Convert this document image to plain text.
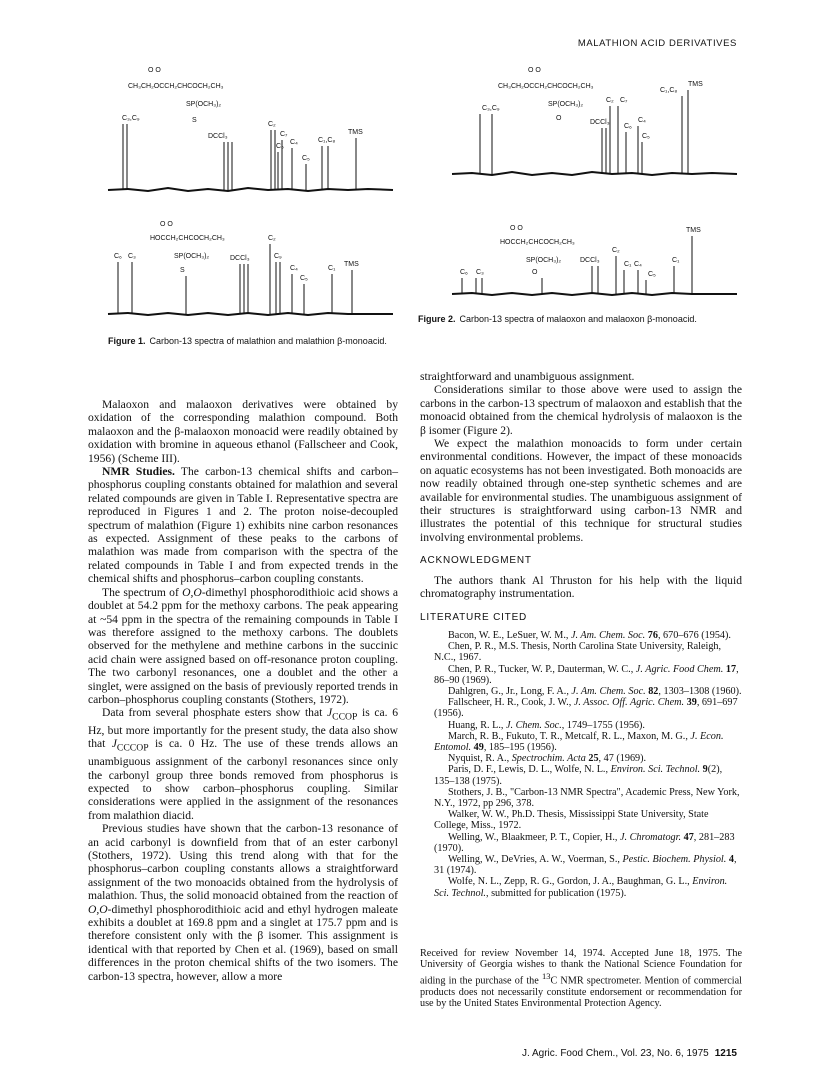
MALATHION ACID DERIVATIVES
O O
CH₃CH₂OCCH₂CHCOCH₂CH₃
SP(OCH₃)₂
S
C₃,C₉
DCCl₃
C₂
C₇
C₆
C₄	C₁,C₈
TMS
C₅
O O
HOCCH₂CHCOCH₂CH₃
SP(OCH₃)₂
S
C₆ C₃	DCCl₃
C₂
C₉
C₄	C₁
TMS
C₅
Figure 1. Carbon-13 spectra of malathion and malathion β-monoacid.
O O
CH₃CH₂OCCH₂CHCOCH₂CH₃
SP(OCH₃)₂
O
C₃,C₉
C₂ C₇
DCCl₃
C₆
C₄
C₅
C₁,C₈
TMS
O O
HOCCH₂CHCOCH₂CH₃
SP(OCH₃)₂
O
C₆ C₃
DCCl₃
C₂
C₁ C₄
C₅
C₁
TMS
Figure 2. Carbon-13 spectra of malaoxon and malaoxon β-monoacid.

Malaoxon and malaoxon derivatives were obtained by oxidation of the corresponding malathion compound. Both malaoxon and the β-malaoxon monoacid were readily obtained by oxidation with bromine in aqueous ethanol (Fallscheer and Cook, 1956) (Scheme III).

NMR Studies. The carbon-13 chemical shifts and carbon–phosphorus coupling constants obtained for malathion and several related compounds are given in Table I. Representative spectra are reproduced in Figures 1 and 2. The proton noise-decoupled spectrum of malathion (Figure 1) exhibits nine carbon resonances as expected. Assignment of these peaks to the carbons of malathion was made from comparison with the spectra of the related compounds in Table I and from expected trends in the chemical shifts and phosphorus–carbon coupling constants.

The spectrum of O,O-dimethyl phosphorodithioic acid shows a doublet at 54.2 ppm for the methoxy carbons. The peak appearing at ~54 ppm in the spectra of the remaining compounds in Table I was therefore assigned to the methoxy carbons. The doublets observed for the methylene and methine carbons in the succinic acid chain were assigned based on off-resonance proton coupling. The two carbonyl resonances, one a doublet and the other a singlet, were assigned on the basis of previously reported trends in carbon–phosphorus coupling constants (Stothers, 1972).

Data from several phosphate esters show that $J_{CCOP}$ is ca. 6 Hz, but more importantly for the present study, the data also show that $J_{CCCOP}$ is ca. 0 Hz. The use of these trends allows an unambiguous assignment of the carbonyl resonances since only the carbonyl group three bonds removed from phosphorus is expected to show carbon–phosphorus coupling. Similar considerations were applied in the assignment of the resonances from malathion diacid.

Previous studies have shown that the carbon-13 resonance of an acid carbonyl is downfield from that of an ester carbonyl (Stothers, 1972). Using this trend along with that for the phosphorus–carbon coupling constants allows a straightforward assignment of the two monoacids obtained from the hydrolysis of malathion. Thus, the solid monoacid obtained from the reaction of O,O-dimethyl phosphorodithioic acid and ethyl hydrogen maleate exhibits a doublet at 169.8 ppm and a singlet at 175.7 ppm and is therefore consistent only with the β isomer. This assignment is identical with that reported by Chen et al. (1969), based on small differences in the proton chemical shifts of the two isomers. The carbon-13 spectra, however, allow a more

straightforward and unambiguous assignment.

Considerations similar to those above were used to assign the carbons in the carbon-13 spectrum of malaoxon and establish that the monoacid obtained from the chemical hydrolysis of malaoxon is the β isomer (Figure 2).

We expect the malathion monoacids to form under certain environmental conditions. However, the impact of these monoacids on aquatic ecosystems has not been investigated. Both monoacids are now readily obtained through one-step synthetic schemes and are available for environmental studies. The unambiguous assignment of their structures is straightforward using carbon-13 NMR and illustrates the potential of this technique for structural studies involving environmental problems.

ACKNOWLEDGMENT

The authors thank Al Thruston for his help with the liquid chromatography instrumentation.

LITERATURE CITED

Bacon, W. E., LeSuer, W. M., J. Am. Chem. Soc. 76, 670–676 (1954).

Chen, P. R., M.S. Thesis, North Carolina State University, Raleigh, N.C., 1967.

Chen, P. R., Tucker, W. P., Dauterman, W. C., J. Agric. Food Chem. 17, 86–90 (1969).

Dahlgren, G., Jr., Long, F. A., J. Am. Chem. Soc. 82, 1303–1308 (1960).

Fallscheer, H. R., Cook, J. W., J. Assoc. Off. Agric. Chem. 39, 691–697 (1956).

Huang, R. L., J. Chem. Soc., 1749–1755 (1956).

March, R. B., Fukuto, T. R., Metcalf, R. L., Maxon, M. G., J. Econ. Entomol. 49, 185–195 (1956).

Nyquist, R. A., Spectrochim. Acta 25, 47 (1969).

Paris, D. F., Lewis, D. L., Wolfe, N. L., Environ. Sci. Technol. 9(2), 135–138 (1975).

Stothers, J. B., "Carbon-13 NMR Spectra", Academic Press, New York, N.Y., 1972, pp 296, 378.

Walker, W. W., Ph.D. Thesis, Mississippi State University, State College, Miss., 1972.

Welling, W., Blaakmeer, P. T., Copier, H., J. Chromatogr. 47, 281–283 (1970).

Welling, W., DeVries, A. W., Voerman, S., Pestic. Biochem. Physiol. 4, 31 (1974).

Wolfe, N. L., Zepp, R. G., Gordon, J. A., Baughman, G. L., Environ. Sci. Technol., submitted for publication (1975).

Received for review November 14, 1974. Accepted June 18, 1975. The University of Georgia wishes to thank the National Science Foundation for aiding in the purchase of the $^{13}$C NMR spectrometer. Mention of commercial products does not necessarily constitute endorsement or recommendation for use by the United States Environmental Protection Agency.
J. Agric. Food Chem., Vol. 23, No. 6, 1975 1215
